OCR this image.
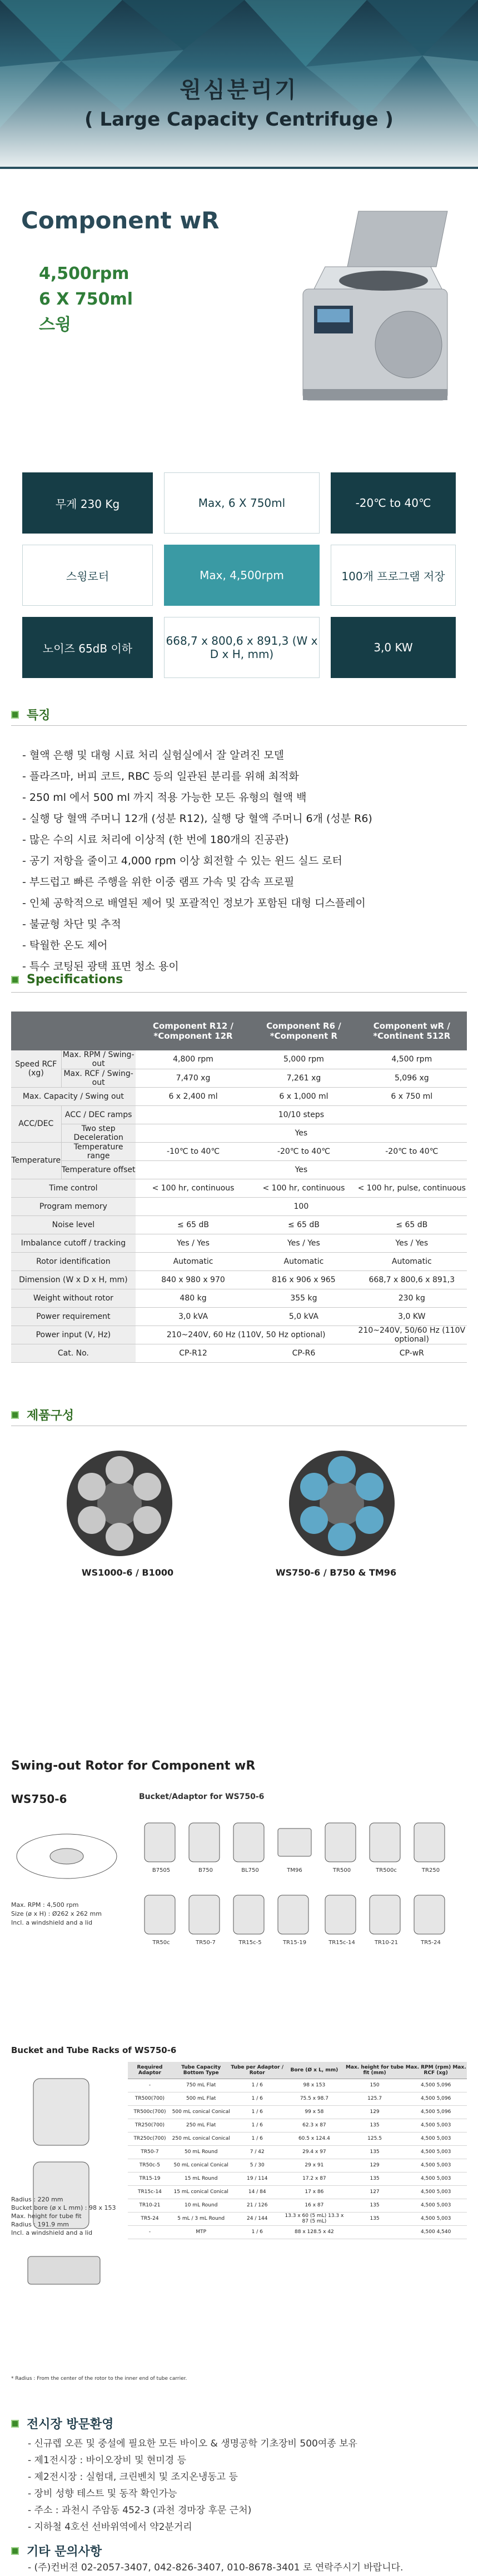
원심분리기
( Large Capacity Centrifuge )
Component wR
4,500rpm
6 X 750ml
스윙
무게 230 Kg	Max, 6 X 750ml	-20℃ to 40℃
스윙로터	Max, 4,500rpm	100개 프로그램 저장
노이즈 65dB 이하
668,7 x 800,6 x 891,3 (W x D x H, mm)	3,0 KW
특징
- 혈액 은행 및 대형 시료 처리 실험실에서 잘 알려진 모델
- 플라즈마, 버피 코트, RBC 등의 일관된 분리를 위해 최적화
- 250 ml 에서 500 ml 까지 적용 가능한 모든 유형의 혈액 백
- 실행 당 혈액 주머니 12개 (성분 R12), 실행 당 혈액 주머니 6개 (성분 R6)
- 많은 수의 시료 처리에 이상적 (한 번에 180개의 진공관)
- 공기 저항을 줄이고 4,000 rpm 이상 회전할 수 있는 윈드 실드 로터
- 부드럽고 빠른 주행을 위한 이중 램프 가속 및 감속 프로필
- 인체 공학적으로 배열된 제어 및 포괄적인 정보가 포함된 대형 디스플레이
- 불균형 차단 및 추적
- 탁월한 온도 제어
- 특수 코팅된 광택 표면 청소 용이
Specifications
		Component R12 / *Component 12R	Component R6 / *Component R	Component wR / *Continent 512R
Speed RCF (xg)	Max. RPM / Swing-out	4,800 rpm	5,000 rpm	4,500 rpm
	Max. RCF / Swing-out	7,470 xg	7,261 xg	5,096 xg
Max. Capacity / Swing out		6 x 2,400 ml	6 x 1,000 ml	6 x 750 ml
ACC/DEC	ACC / DEC ramps	10/10 steps		
	Two step Deceleration	Yes		
Temperature	Temperature range	-10℃ to 40℃	-20℃ to 40℃	-20℃ to 40℃
	Temperature offset	Yes		
Time control		< 100 hr, continuous	< 100 hr, continuous	< 100 hr, pulse, continuous
Program memory		100		
Noise level		≤ 65 dB	≤ 65 dB	≤ 65 dB
Imbalance cutoff / tracking		Yes / Yes	Yes / Yes	Yes / Yes
Rotor identification		Automatic	Automatic	Automatic
Dimension (W x D x H, mm)		840 x 980 x 970	816 x 906 x 965	668,7 x 800,6 x 891,3
Weight without rotor		480 kg	355 kg	230 kg
Power requirement		3,0 kVA	5,0 kVA	3,0 KW
Power input (V, Hz)		210~240V, 60 Hz (110V, 50 Hz optional)		210~240V, 50/60 Hz (110V optional)
Cat. No.		CP-R12	CP-R6	CP-wR
제품구성
WS1000-6 / B1000	WS750-6 / B750 & TM96
Swing-out Rotor for Component wR
WS750-6	Bucket/Adaptor for WS750-6
Max. RPM : 4,500 rpm
Size (ø x H) : Ø262 x 262 mm
Incl. a windshield and a lid
B7505	B750	BL750	TM96	TR500	TR500c	TR250
TR50c	TR50-7	TR15c-5	TR15-19	TR15c-14	TR10-21	TR5-24
Bucket and Tube Racks of WS750-6
Radius : 220 mm
Bucket bore (ø x L mm) : 98 x 153
Max. height for tube fit
Radius : 191.9 mm
Incl. a windshield and a lid
Required Adaptor	Tube Capacity Bottom Type	Tube per Adaptor / Rotor	Bore (Ø x L, mm)	Max. height for tube fit (mm)	Max. RPM (rpm) Max. RCF (xg)
-	750 mL Flat	1 / 6	98 x 153	150	4,500 5,096
TR500(700)	500 mL Flat	1 / 6	75.5 x 98.7	125.7	4,500 5,096
TR500c(700)	500 mL conical Conical	1 / 6	99 x 58	129	4,500 5,096
TR250(700)	250 mL Flat	1 / 6	62.3 x 87	135	4,500 5,003
TR250c(700)	250 mL conical Conical	1 / 6	60.5 x 124.4	125.5	4,500 5,003
TR50-7	50 mL Round	7 / 42	29.4 x 97	135	4,500 5,003
TR50c-5	50 mL conical Conical	5 / 30	29 x 91	129	4,500 5,003
TR15-19	15 mL Round	19 / 114	17.2 x 87	135	4,500 5,003
TR15c-14	15 mL conical Conical	14 / 84	17 x 86	127	4,500 5,003
TR10-21	10 mL Round	21 / 126	16 x 87	135	4,500 5,003
TR5-24	5 mL / 3 mL Round	24 / 144	13.3 x 60 (5 mL) 13.3 x 87 (5 mL)	135	4,500 5,003
-	MTP	1 / 6	88 x 128.5 x 42		4,500 4,540
* Radius : From the center of the rotor to the inner end of tube carrier.
전시장 방문환영

- 신규렙 오픈 및 중설에 필요한 모든 바이오 & 생명공학 기초장비 500여종 보유

- 제1전시장 : 바이오장비 및 현미경 등

- 제2전시장 : 실험대, 크린벤치 및 조지온냉동고 등

- 장비 성향 테스트 및 동작 확인가능

- 주소 : 과천시 주암동 452-3 (과천 경마장 후문 근처)

- 지하철 4호선 선바위역에서 약2분거리

기타 문의사항

- (주)컨버젼 02-2057-3407, 042-826-3407, 010-8678-3401 로 연락주시기 바랍니다.
